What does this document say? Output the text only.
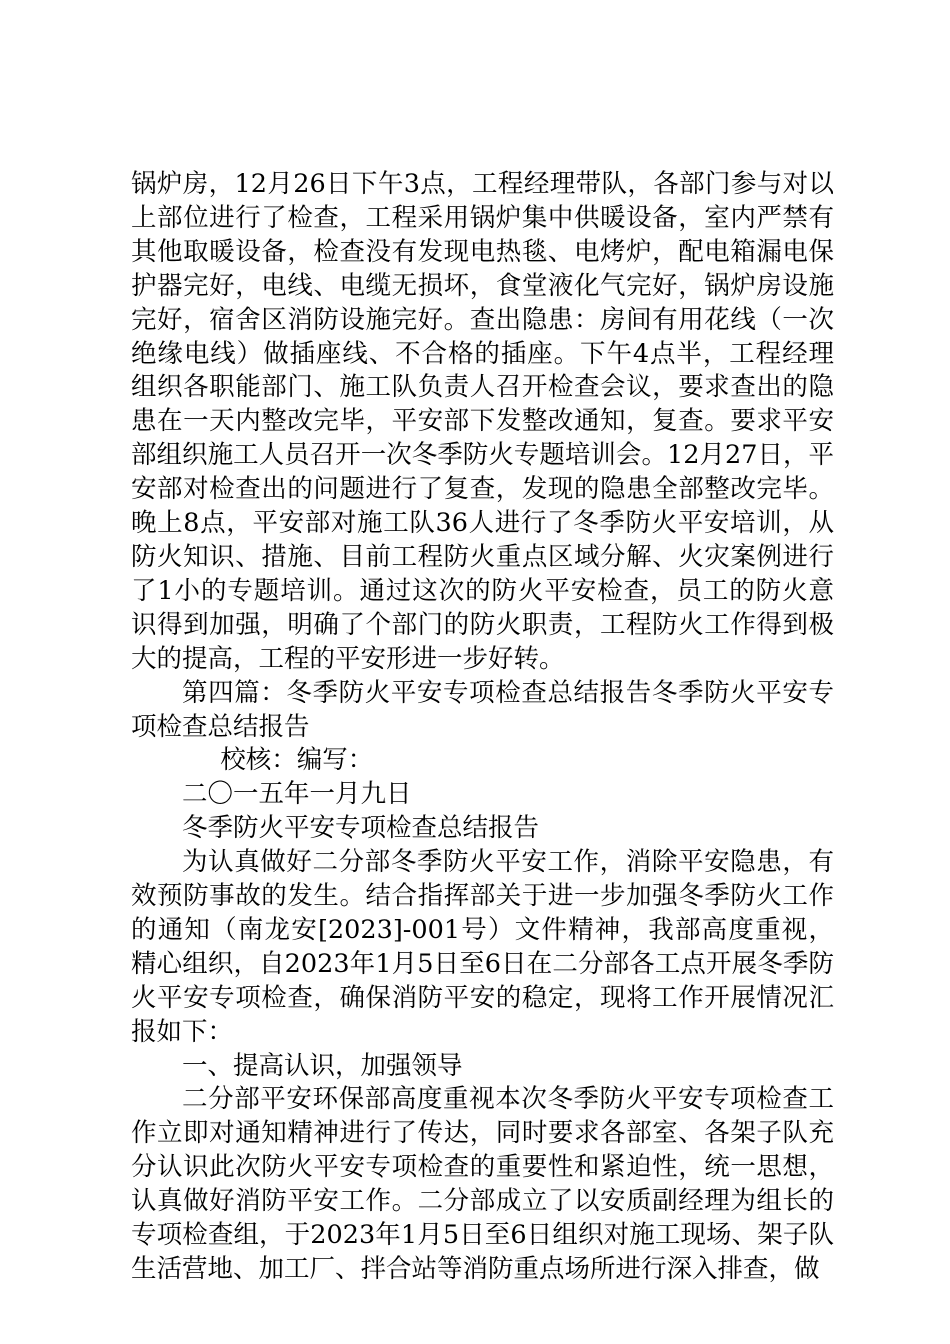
锅炉房，12月26日下午3点，工程经理带队，各部门参与对以上部位进行了检查，工程采用锅炉集中供暖设备，室内严禁有其他取暖设备，检查没有发现电热毯、电烤炉，配电箱漏电保护器完好，电线、电缆无损坏，食堂液化气完好，锅炉房设施完好，宿舍区消防设施完好。查出隐患：房间有用花线（一次绝缘电线）做插座线、不合格的插座。下午4点半，工程经理组织各职能部门、施工队负责人召开检查会议，要求查出的隐患在一天内整改完毕，平安部下发整改通知，复查。要求平安部组织施工人员召开一次冬季防火专题培训会。12月27日，平安部对检查出的问题进行了复查，发现的隐患全部整改完毕。晚上8点，平安部对施工队36人进行了冬季防火平安培训，从防火知识、措施、目前工程防火重点区域分解、火灾案例进行了1小的专题培训。通过这次的防火平安检查，员工的防火意识得到加强，明确了个部门的防火职责，工程防火工作得到极大的提高，工程的平安形进一步好转。

第四篇：冬季防火平安专项检查总结报告冬季防火平安专项检查总结报告

校核：编写：

二〇一五年一月九日

冬季防火平安专项检查总结报告

为认真做好二分部冬季防火平安工作，消除平安隐患，有效预防事故的发生。结合指挥部关于进一步加强冬季防火工作的通知（南龙安[2023]-001号）文件精神，我部高度重视，精心组织，自2023年1月5日至6日在二分部各工点开展冬季防火平安专项检查，确保消防平安的稳定，现将工作开展情况汇报如下：

一、提高认识，加强领导

二分部平安环保部高度重视本次冬季防火平安专项检查工作立即对通知精神进行了传达，同时要求各部室、各架子队充分认识此次防火平安专项检查的重要性和紧迫性，统一思想，认真做好消防平安工作。二分部成立了以安质副经理为组长的专项检查组，于2023年1月5日至6日组织对施工现场、架子队生活营地、加工厂、拌合站等消防重点场所进行深入排查，做
